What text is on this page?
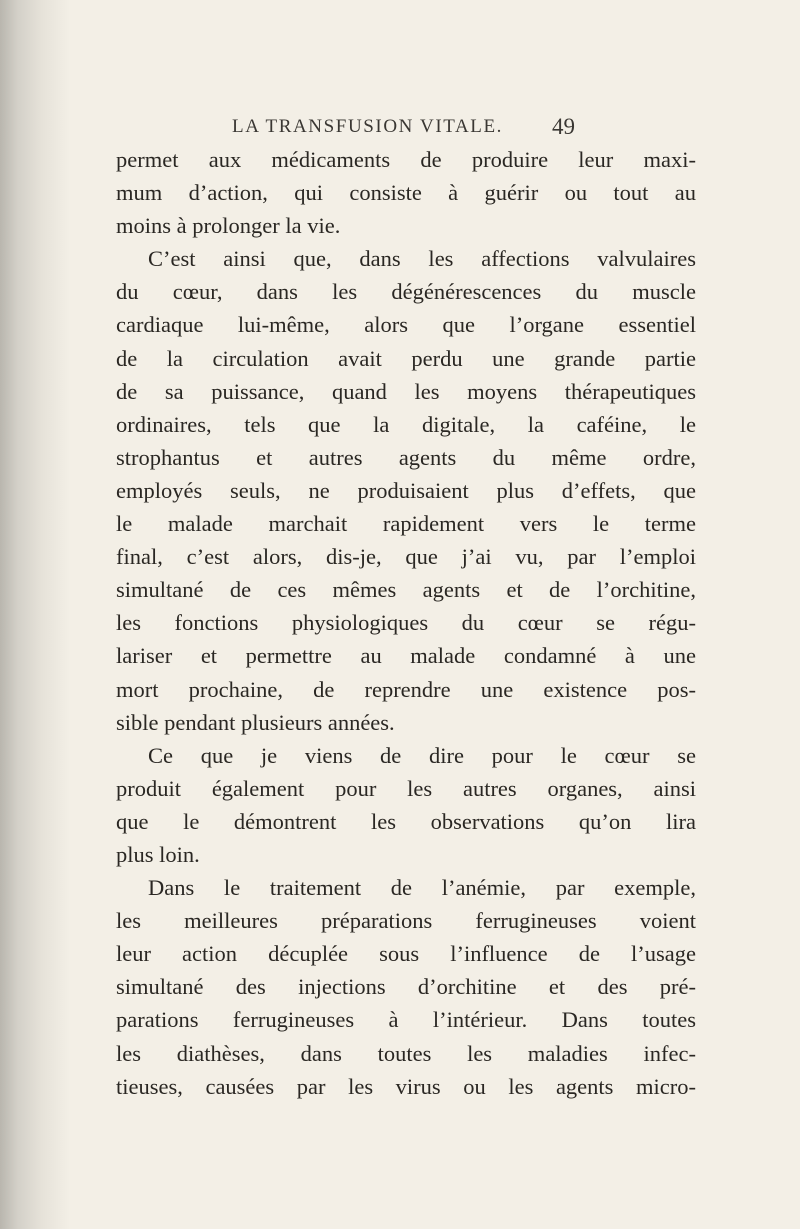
LA TRANSFUSION VITALE. 49
permet aux médicaments de produire leur maxi-
mum d’action, qui consiste à guérir ou tout au
moins à prolonger la vie.
C’est ainsi que, dans les affections valvulaires
du cœur, dans les dégénérescences du muscle
cardiaque lui-même, alors que l’organe essentiel
de la circulation avait perdu une grande partie
de sa puissance, quand les moyens thérapeutiques
ordinaires, tels que la digitale, la caféine, le
strophantus et autres agents du même ordre,
employés seuls, ne produisaient plus d’effets, que
le malade marchait rapidement vers le terme
final, c’est alors, dis-je, que j’ai vu, par l’emploi
simultané de ces mêmes agents et de l’orchitine,
les fonctions physiologiques du cœur se régu-
lariser et permettre au malade condamné à une
mort prochaine, de reprendre une existence pos-
sible pendant plusieurs années.
Ce que je viens de dire pour le cœur se
produit également pour les autres organes, ainsi
que le démontrent les observations qu’on lira
plus loin.
Dans le traitement de l’anémie, par exemple,
les meilleures préparations ferrugineuses voient
leur action décuplée sous l’influence de l’usage
simultané des injections d’orchitine et des pré-
parations ferrugineuses à l’intérieur. Dans toutes
les diathèses, dans toutes les maladies infec-
tieuses, causées par les virus ou les agents micro-
